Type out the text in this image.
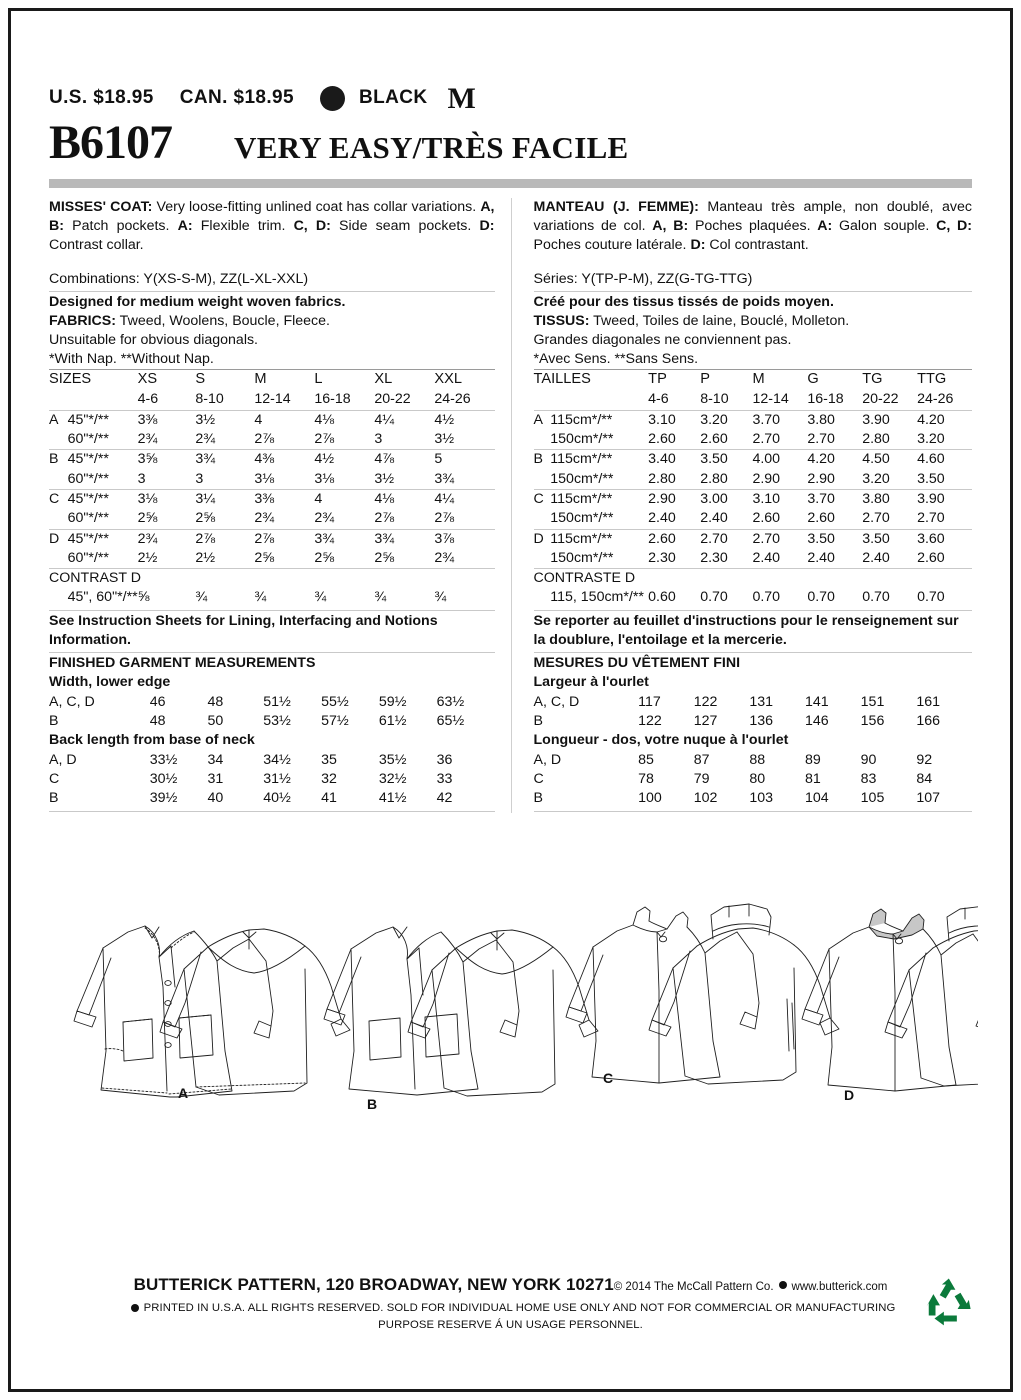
U.S. $18.95 CAN. $18.95	BLACK M
B6107 VERY EASY/TRÈS FACILE

MISSES' COAT: Very loose-fitting unlined coat has collar variations. A, B: Patch pockets. A: Flexible trim. C, D: Side seam pockets. D: Contrast collar.

Combinations: Y(XS-S-M), ZZ(L-XL-XXL)
Designed for medium weight woven fabrics.
FABRICS: Tweed, Woolens, Boucle, Fleece.
Unsuitable for obvious diagonals.
*With Nap. **Without Nap.
SIZES		XS	S	M	L	XL	XXL
		4-6	8-10	12-14	16-18	20-22	24-26
A	45"*/**	3⅜	3½	4	4⅛	4¼	4½
	60"*/**	2¾	2¾	2⅞	2⅞	3	3½
B	45"*/**	3⅝	3¾	4⅜	4½	4⅞	5
	60"*/**	3	3	3⅛	3⅛	3½	3¾
C	45"*/**	3⅛	3¼	3⅜	4	4⅛	4¼
	60"*/**	2⅝	2⅝	2¾	2¾	2⅞	2⅞
D	45"*/**	2¾	2⅞	2⅞	3¾	3¾	3⅞
	60"*/**	2½	2½	2⅝	2⅝	2⅝	2¾
CONTRAST D							
	45", 60"*/**	⅝	¾	¾	¾	¾	¾
See Instruction Sheets for Lining, Interfacing and Notions Information.
FINISHED GARMENT MEASUREMENTS
Width, lower edge						
A, C, D	46	48	51½	55½	59½	63½
B	48	50	53½	57½	61½	65½
Back length from base of neck						
A, D	33½	34	34½	35	35½	36
C	30½	31	31½	32	32½	33
B	39½	40	40½	41	41½	42

MANTEAU (J. FEMME): Manteau très ample, non doublé, avec variations de col. A, B: Poches plaquées. A: Galon souple. C, D: Poches couture latérale. D: Col contrastant.

Séries: Y(TP-P-M), ZZ(G-TG-TTG)
Créé pour des tissus tissés de poids moyen.
TISSUS: Tweed, Toiles de laine, Bouclé, Molleton.
Grandes diagonales ne conviennent pas.
*Avec Sens. **Sans Sens.
TAILLES		TP	P	M	G	TG	TTG
		4-6	8-10	12-14	16-18	20-22	24-26
A	115cm*/**	3.10	3.20	3.70	3.80	3.90	4.20
	150cm*/**	2.60	2.60	2.70	2.70	2.80	3.20
B	115cm*/**	3.40	3.50	4.00	4.20	4.50	4.60
	150cm*/**	2.80	2.80	2.90	2.90	3.20	3.50
C	115cm*/**	2.90	3.00	3.10	3.70	3.80	3.90
	150cm*/**	2.40	2.40	2.60	2.60	2.70	2.70
D	115cm*/**	2.60	2.70	2.70	3.50	3.50	3.60
	150cm*/**	2.30	2.30	2.40	2.40	2.40	2.60
CONTRASTE D							
	115, 150cm*/**	0.60	0.70	0.70	0.70	0.70	0.70
Se reporter au feuillet d'instructions pour le renseignement sur la doublure, l'entoilage et la mercerie.
MESURES DU VÊTEMENT FINI
Largeur à l'ourlet						
A, C, D	117	122	131	141	151	161
B	122	127	136	146	156	166
Longueur - dos, votre nuque à l'ourlet						
A, D	85	87	88	89	90	92
C	78	79	80	81	83	84
B	100	102	103	104	105	107
A
B
C
D
BUTTERICK PATTERN, 120 BROADWAY, NEW YORK 10271© 2014 The McCall Pattern Co. www.butterick.com
PRINTED IN U.S.A. ALL RIGHTS RESERVED. SOLD FOR INDIVIDUAL HOME USE ONLY AND NOT FOR COMMERCIAL OR MANUFACTURING
PURPOSE RESERVE Á UN USAGE PERSONNEL.
